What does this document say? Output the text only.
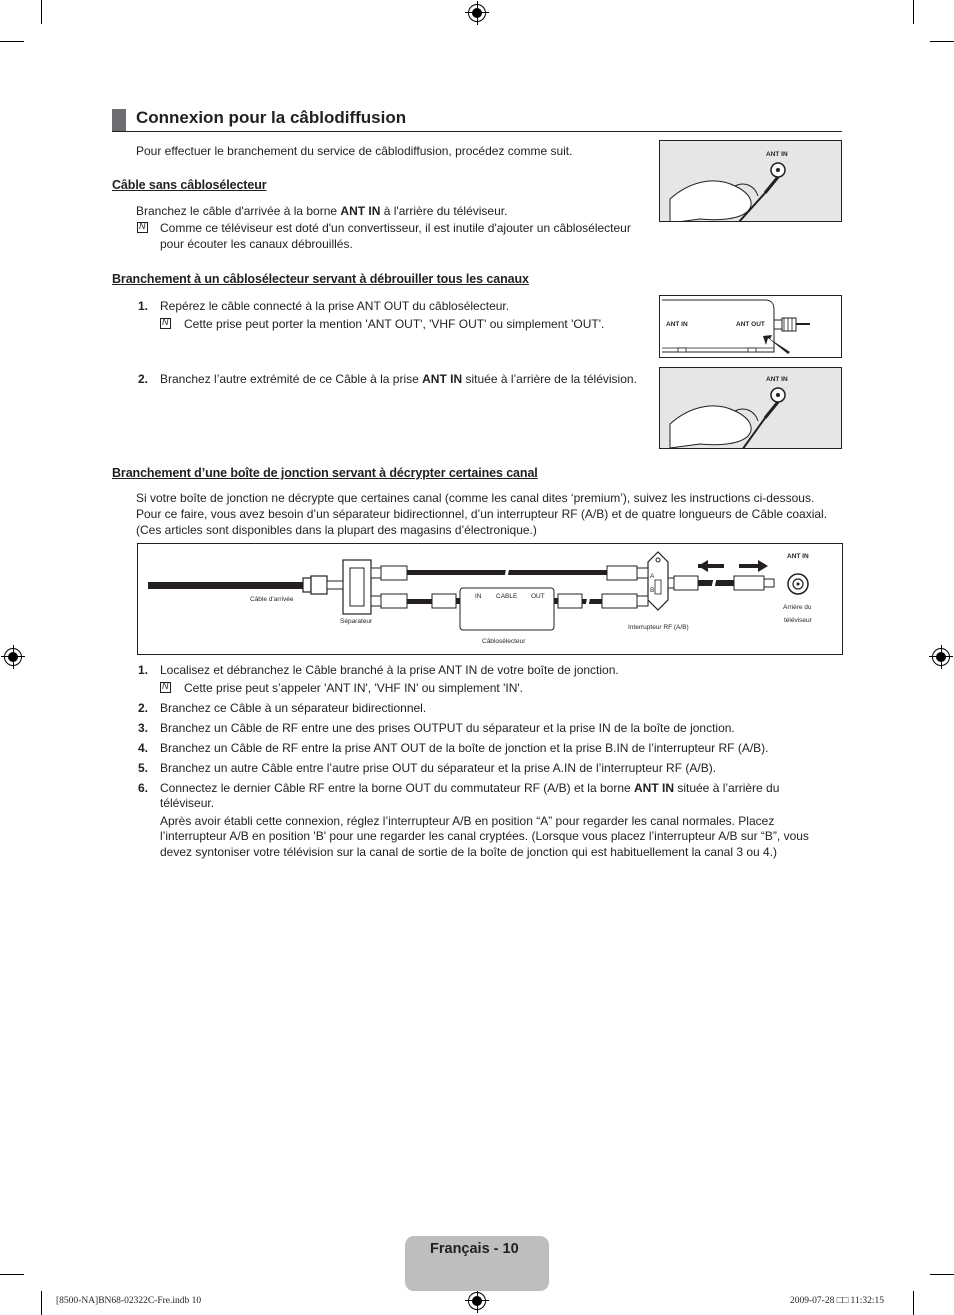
Connexion pour la câblodiffusion
Pour effectuer le branchement du service de câblodiffusion, procédez comme suit.
Câble sans câblosélecteur
Branchez le câble d'arrivée à la borne ANT IN à l'arrière du téléviseur.
N
Comme ce téléviseur est doté d'un convertisseur, il est inutile d'ajouter un câblosélecteur
pour écouter les canaux débrouillés.
ANT IN
Branchement à un câblosélecteur servant à débrouiller tous les canaux
1. Repérez le câble connecté à la prise ANT OUT du câblosélecteur.
N
Cette prise peut porter la mention 'ANT OUT', 'VHF OUT' ou simplement 'OUT'.
2. Branchez l’autre extrémité de ce Câble à la prise ANT IN située à l’arrière de la télévision.
ANT IN	ANT OUT
ANT IN
Branchement d’une boîte de jonction servant à décrypter certaines canal
Si votre boîte de jonction ne décrypte que certaines canal (comme les canal dites ‘premium’), suivez les instructions ci-dessous.
Pour ce faire, vous avez besoin d’un séparateur bidirectionnel, d’un interrupteur RF (A/B) et de quatre longueurs de Câble coaxial.
(Ces articles sont disponibles dans la plupart des magasins d’électronique.)
Câble d'arrivée
Séparateur
IN CABLE OUT
Câblosélecteur
A
B
Interrupteur RF (A/B)
ANT IN
Arrière du
téléviseur
1. Localisez et débranchez le Câble branché à la prise ANT IN de votre boîte de jonction.
N
Cette prise peut s’appeler 'ANT IN', 'VHF IN' ou simplement 'IN'.
2. Branchez ce Câble à un séparateur bidirectionnel.
3. Branchez un Câble de RF entre une des prises OUTPUT du séparateur et la prise IN de la boîte de jonction.
4. Branchez un Câble de RF entre la prise ANT OUT de la boîte de jonction et la prise B.IN de l’interrupteur RF (A/B).
5. Branchez un autre Câble entre l’autre prise OUT du séparateur et la prise A.IN de l’interrupteur RF (A/B).
6. Connectez le dernier Câble RF entre la borne OUT du commutateur RF (A/B) et la borne ANT IN située à l’arrière du
téléviseur.
Après avoir établi cette connexion, réglez l’interrupteur A/B en position “A” pour regarder les canal normales. Placez
l’interrupteur A/B en position 'B' pour une regarder les canal cryptées. (Lorsque vous placez l’interrupteur A/B sur “B”, vous
devez syntoniser votre télévision sur la canal de sortie de la boîte de jonction qui est habituellement la canal 3 ou 4.)
Français - 10
[8500-NA]BN68-02322C-Fre.indb 10	2009-07-28 □□ 11:32:15
